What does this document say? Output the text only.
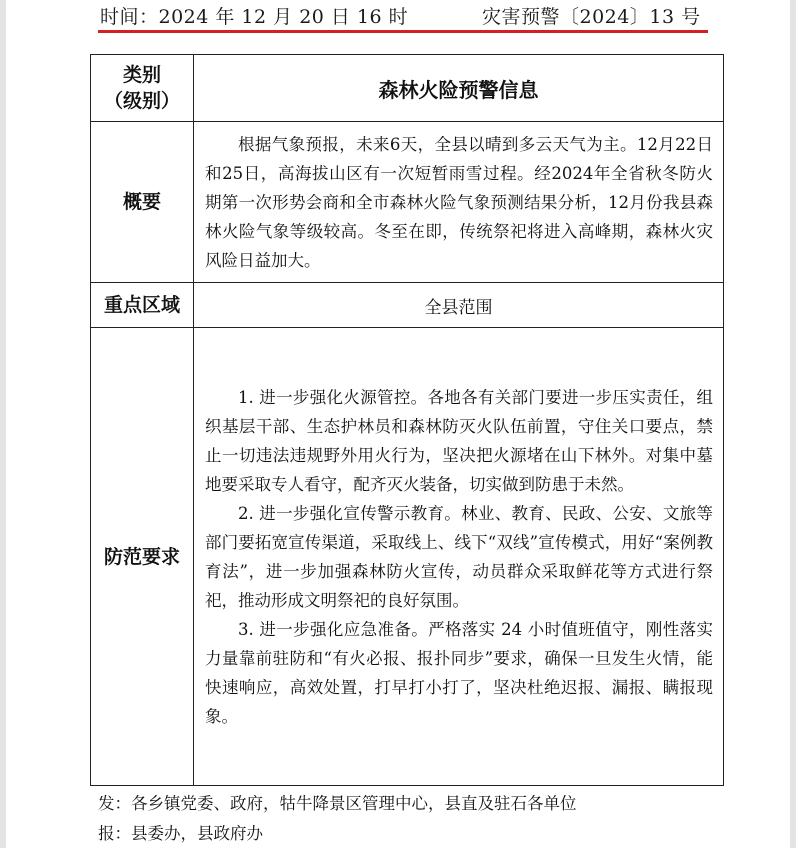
时间：2024 年 12 月 20 日 16 时	灾害预警〔2024〕13 号
类别
（级别）	森林火险预警信息
概要	根据气象预报，未来6天，全县以晴到多云天气为主。12月22日和25日，高海拔山区有一次短暂雨雪过程。经2024年全省秋冬防火期第一次形势会商和全市森林火险气象预测结果分析，12月份我县森林火险气象等级较高。冬至在即，传统祭祀将进入高峰期，森林火灾风险日益加大。

重点区域	全县范围
防范要求	1. 进一步强化火源管控。各地各有关部门要进一步压实责任，组织基层干部、生态护林员和森林防灭火队伍前置，守住关口要点，禁止一切违法违规野外用火行为，坚决把火源堵在山下林外。对集中墓地要采取专人看守，配齐灭火装备，切实做到防患于未然。

2. 进一步强化宣传警示教育。林业、教育、民政、公安、文旅等部门要拓宽宣传渠道，采取线上、线下“双线”宣传模式，用好“案例教育法”，进一步加强森林防火宣传，动员群众采取鲜花等方式进行祭祀，推动形成文明祭祀的良好氛围。

3. 进一步强化应急准备。严格落实 24 小时值班值守，刚性落实力量靠前驻防和“有火必报、报扑同步”要求，确保一旦发生火情，能快速响应，高效处置，打早打小打了，坚决杜绝迟报、漏报、瞒报现象。

发：各乡镇党委、政府，牯牛降景区管理中心，县直及驻石各单位
报：县委办，县政府办
